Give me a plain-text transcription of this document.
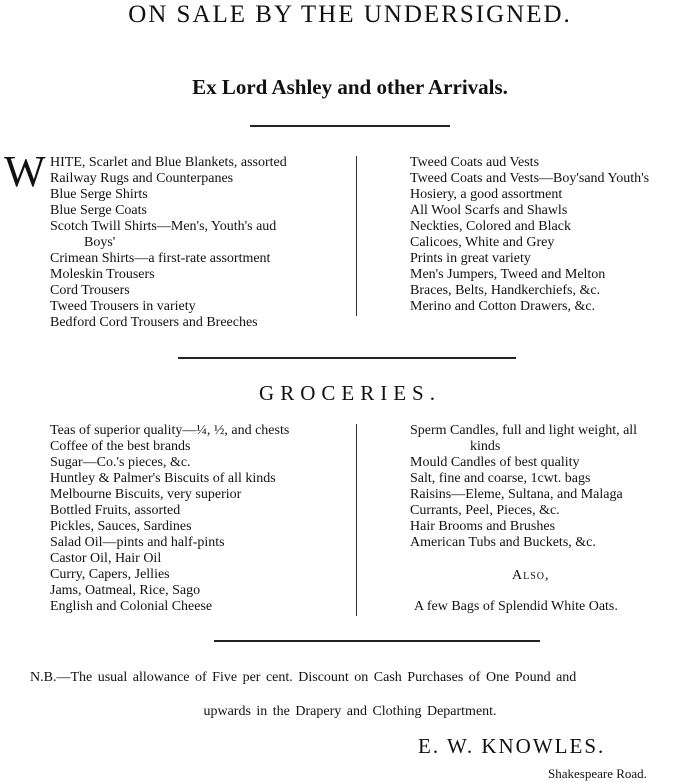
ON SALE BY THE UNDERSIGNED.
Ex Lord Ashley and other Arrivals.
W HITE, Scarlet and Blue Blankets, assorted
Railway Rugs and Counterpanes
Blue Serge Shirts
Blue Serge Coats
Scotch Twill Shirts—Men's, Youth's aud
Boys'
Crimean Shirts—a first-rate assortment
Moleskin Trousers
Cord Trousers
Tweed Trousers in variety
Bedford Cord Trousers and Breeches
Tweed Coats aud Vests
Tweed Coats and Vests—Boy'sand Youth's
Hosiery, a good assortment
All Wool Scarfs and Shawls
Neckties, Colored and Black
Calicoes, White and Grey
Prints in great variety
Men's Jumpers, Tweed and Melton
Braces, Belts, Handkerchiefs, &c.
Merino and Cotton Drawers, &c.
GROCERIES.
Teas of superior quality—¼, ½, and chests
Coffee of the best brands
Sugar—Co.'s pieces, &c.
Huntley & Palmer's Biscuits of all kinds
Melbourne Biscuits, very superior
Bottled Fruits, assorted
Pickles, Sauces, Sardines
Salad Oil—pints and half-pints
Castor Oil, Hair Oil
Curry, Capers, Jellies
Jams, Oatmeal, Rice, Sago
English and Colonial Cheese
Sperm Candles, full and light weight, all
kinds
Mould Candles of best quality
Salt, fine and coarse, 1cwt. bags
Raisins—Eleme, Sultana, and Malaga
Currants, Peel, Pieces, &c.
Hair Brooms and Brushes
American Tubs and Buckets, &c.
Also,
A few Bags of Splendid White Oats.
N.B.—The usual allowance of Five per cent. Discount on Cash Purchases of One Pound and
upwards in the Drapery and Clothing Department.
E. W. KNOWLES.
Shakespeare Road.
